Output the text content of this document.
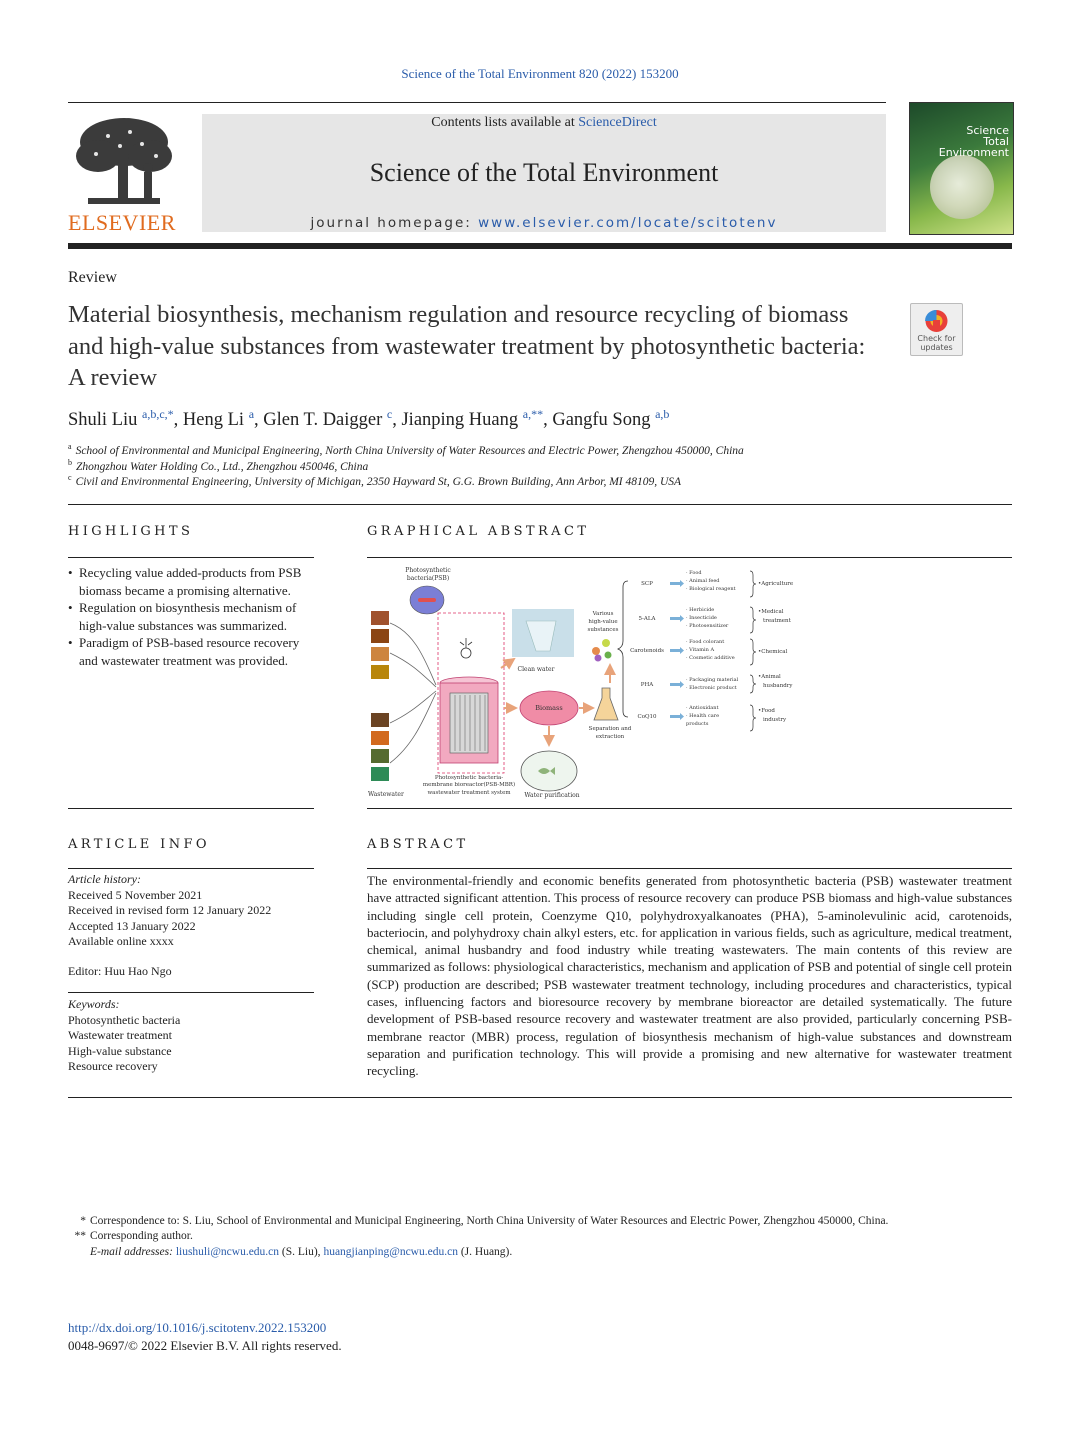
Science of the Total Environment 820 (2022) 153200
ELSEVIER
Contents lists available at ScienceDirect
Science of the Total Environment
journal homepage: www.elsevier.com/locate/scitotenv
Science
Total Environment
Review
Material biosynthesis, mechanism regulation and resource recycling of biomass and high-value substances from wastewater treatment by photosynthetic bacteria: A review
Check for
updates
Shuli Liu $^{a,b,c,*}$, Heng Li $^a$, Glen T. Daigger $^c$, Jianping Huang $^{a,**}$, Gangfu Song $^{a,b}$
$^a$ School of Environmental and Municipal Engineering, North China University of Water Resources and Electric Power, Zhengzhou 450000, China
$^b$ Zhongzhou Water Holding Co., Ltd., Zhengzhou 450046, China
$^c$ Civil and Environmental Engineering, University of Michigan, 2350 Hayward St, G.G. Brown Building, Ann Arbor, MI 48109, USA
HIGHLIGHTS
• Recycling value added-products from PSB biomass became a promising alternative.
• Regulation on biosynthesis mechanism of high-value substances was summarized.
• Paradigm of PSB-based resource recovery and wastewater treatment was provided.
GRAPHICAL ABSTRACT
Photosynthetic
bacteria(PSB)
Photosynthetic bacteria-
membrane bioreactor(PSB-MBR)
wastewater treatment system
Wastewater
Clean water
Biomass
Water purification
Separation and
extraction
Various
high-value
substances
SCP
5-ALA
Carotenoids
PHA
CoQ10
· Food
· Animal feed
· Biological reagent
· Herbicide
· Insecticide
· Photosensitizer
· Food colorant
· Vitamin A
· Cosmetic additive
· Packaging material
· Electronic product
· Antioxidant
· Health care
products
•Agriculture
•Medical
treatment
•Chemical
•Animal
husbandry
•Food
industry
ARTICLE INFO
Article history:
Received 5 November 2021
Received in revised form 12 January 2022
Accepted 13 January 2022
Available online xxxx
Editor: Huu Hao Ngo
Keywords:
Photosynthetic bacteria
Wastewater treatment
High-value substance
Resource recovery
ABSTRACT
The environmental-friendly and economic benefits generated from photosynthetic bacteria (PSB) wastewater treatment have attracted significant attention. This process of resource recovery can produce PSB biomass and high-value substances including single cell protein, Coenzyme Q10, polyhydroxyalkanoates (PHA), 5-aminolevulinic acid, carotenoids, bacteriocin, and polyhydroxy chain alkyl esters, etc. for application in various fields, such as agriculture, medical treatment, chemical, animal husbandry and food industry while treating wastewaters. The main contents of this review are summarized as follows: physiological characteristics, mechanism and application of PSB and potential of single cell protein (SCP) production are described; PSB wastewater treatment technology, including procedures and characteristics, typical cases, influencing factors and bioresource recovery by membrane bioreactor are detailed systematically. The future development of PSB-based resource recovery and wastewater treatment are also provided, particularly concerning PSB-membrane reactor (MBR) process, regulation of biosynthesis mechanism of high-value substances and downstream separation and purification technology. This will provide a promising and new alternative for wastewater treatment recycling.
* Correspondence to: S. Liu, School of Environmental and Municipal Engineering, North China University of Water Resources and Electric Power, Zhengzhou 450000, China.
** Corresponding author.
E-mail addresses: liushuli@ncwu.edu.cn (S. Liu), huangjianping@ncwu.edu.cn (J. Huang).
http://dx.doi.org/10.1016/j.scitotenv.2022.153200
0048-9697/© 2022 Elsevier B.V. All rights reserved.
